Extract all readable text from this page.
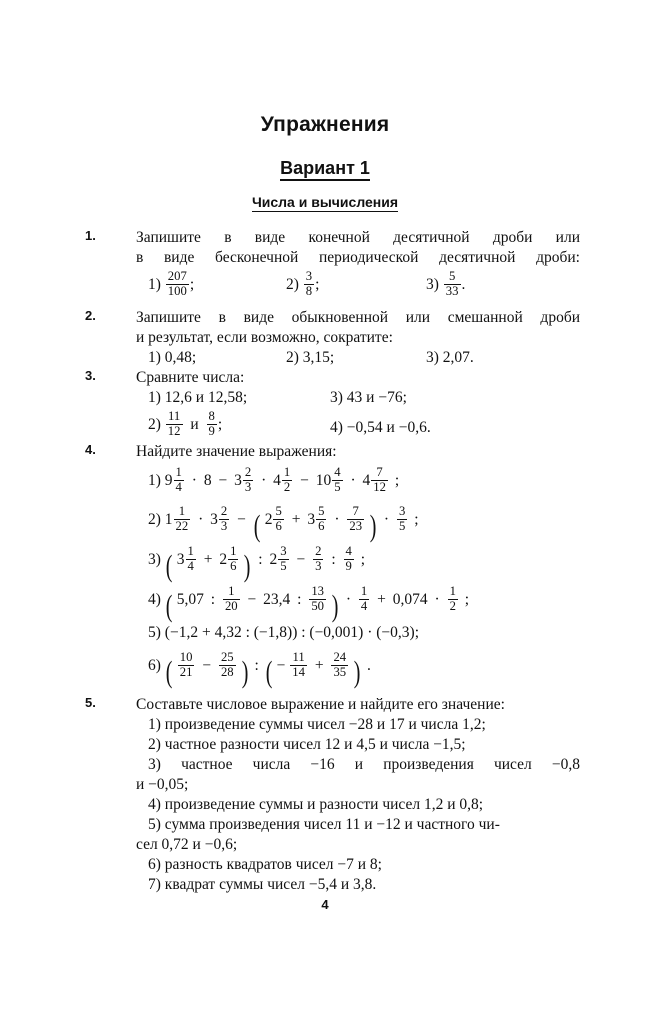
Упражнения
Вариант 1
Числа и вычисления
1.	Запишите в виде конечной десятичной дроби или
в виде бесконечной периодической десятичной дроби:
$1) \frac{207}{100}$ ;	$2) \frac{3}{8}$ ;	$3) \frac{5}{33}$ .
2.	Запишите в виде обыкновенной или смешанной дроби
и результат, если возможно, сократите:
1) 0,48;	2) 3,15;	3) 2,07.
3.	Сравните числа:
1) 12,6 и 12,58;	3) 43 и −76;
$2) \frac{11}{12}$ и $\frac{8}{9}$ ;	4) −0,54 и −0,6.
4.	Найдите значение выражения:
1) $9 \frac{1}{4} \cdot 8 - 3 \frac{2}{3} \cdot 4 \frac{1}{2} - 10 \frac{4}{5} \cdot 4 \frac{7}{12}$ ;
2) $1 \frac{1}{22} \cdot 3 \frac{2}{3}$ − ( $2 \frac{5}{6} + 3 \frac{5}{6} \cdot \frac{7}{23}$ ) · $\frac{3}{5}$ ;
3) ( $3 \frac{1}{4} + 2 \frac{1}{6}$ ) : $2 \frac{3}{5} - \frac{2}{3}$ : $\frac{4}{9}$ ;
4) ( 5,07 : $\frac{1}{20} - 23,4$ : $\frac{13}{50}$ ) · $\frac{1}{4} + 0,074 \cdot \frac{1}{2}$ ;
5) (−1,2 + 4,32 : (−1,8)) : (−0,001) · (−0,3);
6) ( $\frac{10}{21} - \frac{25}{28}$ ) : ( − $\frac{11}{14} + \frac{24}{35}$ ) .
5.	Составьте числовое выражение и найдите его значение:
1) произведение суммы чисел −28 и 17 и числа 1,2;
2) частное разности чисел 12 и 4,5 и числа −1,5;
3) частное числа −16 и произведения чисел −0,8
и −0,05;
4) произведение суммы и разности чисел 1,2 и 0,8;
5) сумма произведения чисел 11 и −12 и частного чи-
сел 0,72 и −0,6;
6) разность квадратов чисел −7 и 8;
7) квадрат суммы чисел −5,4 и 3,8.
4
